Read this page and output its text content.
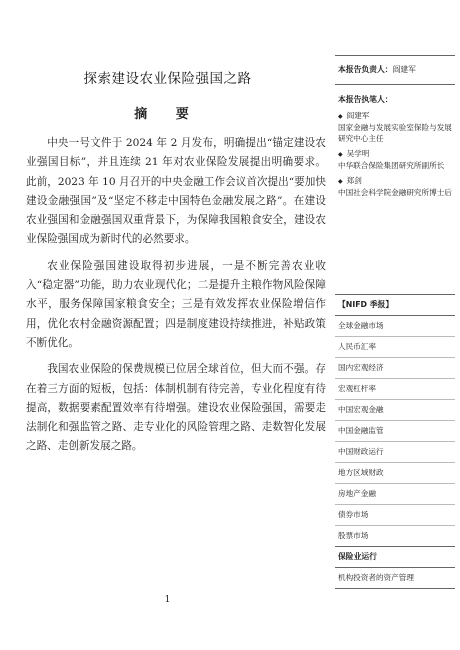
探索建设农业保险强国之路
摘 要

中央一号文件于 2024 年 2 月发布，明确提出“锚定建设农业强国目标”，并且连续 21 年对农业保险发展提出明确要求。此前，2023 年 10 月召开的中央金融工作会议首次提出“要加快建设金融强国”及“坚定不移走中国特色金融发展之路”。在建设农业强国和金融强国双重背景下，为保障我国粮食安全，建设农业保险强国成为新时代的必然要求。

农业保险强国建设取得初步进展，一是不断完善农业收入“稳定器”功能，助力农业现代化；二是提升主粮作物风险保障水平，服务保障国家粮食安全；三是有效发挥农业保险增信作用，优化农村金融资源配置；四是制度建设持续推进，补贴政策不断优化。

我国农业保险的保费规模已位居全球首位，但大而不强。存在着三方面的短板，包括：体制机制有待完善，专业化程度有待提高，数据要素配置效率有待增强。建设农业保险强国，需要走法制化和强监管之路、走专业化的风险管理之路、走数智化发展之路、走创新发展之路。

1
本报告负责人：阎建军
本报告执笔人：
◆ 阎建军
国家金融与发展实验室保险与发展研究中心主任
◆ 吴学明
中华联合保险集团研究所副所长
◆ 郑剑
中国社会科学院金融研究所博士后
【NIFD 季报】
全球金融市场
人民币汇率
国内宏观经济
宏观杠杆率
中国宏观金融
中国金融监管
中国财政运行
地方区域财政
房地产金融
债券市场
股票市场
保险业运行
机构投资者的资产管理
